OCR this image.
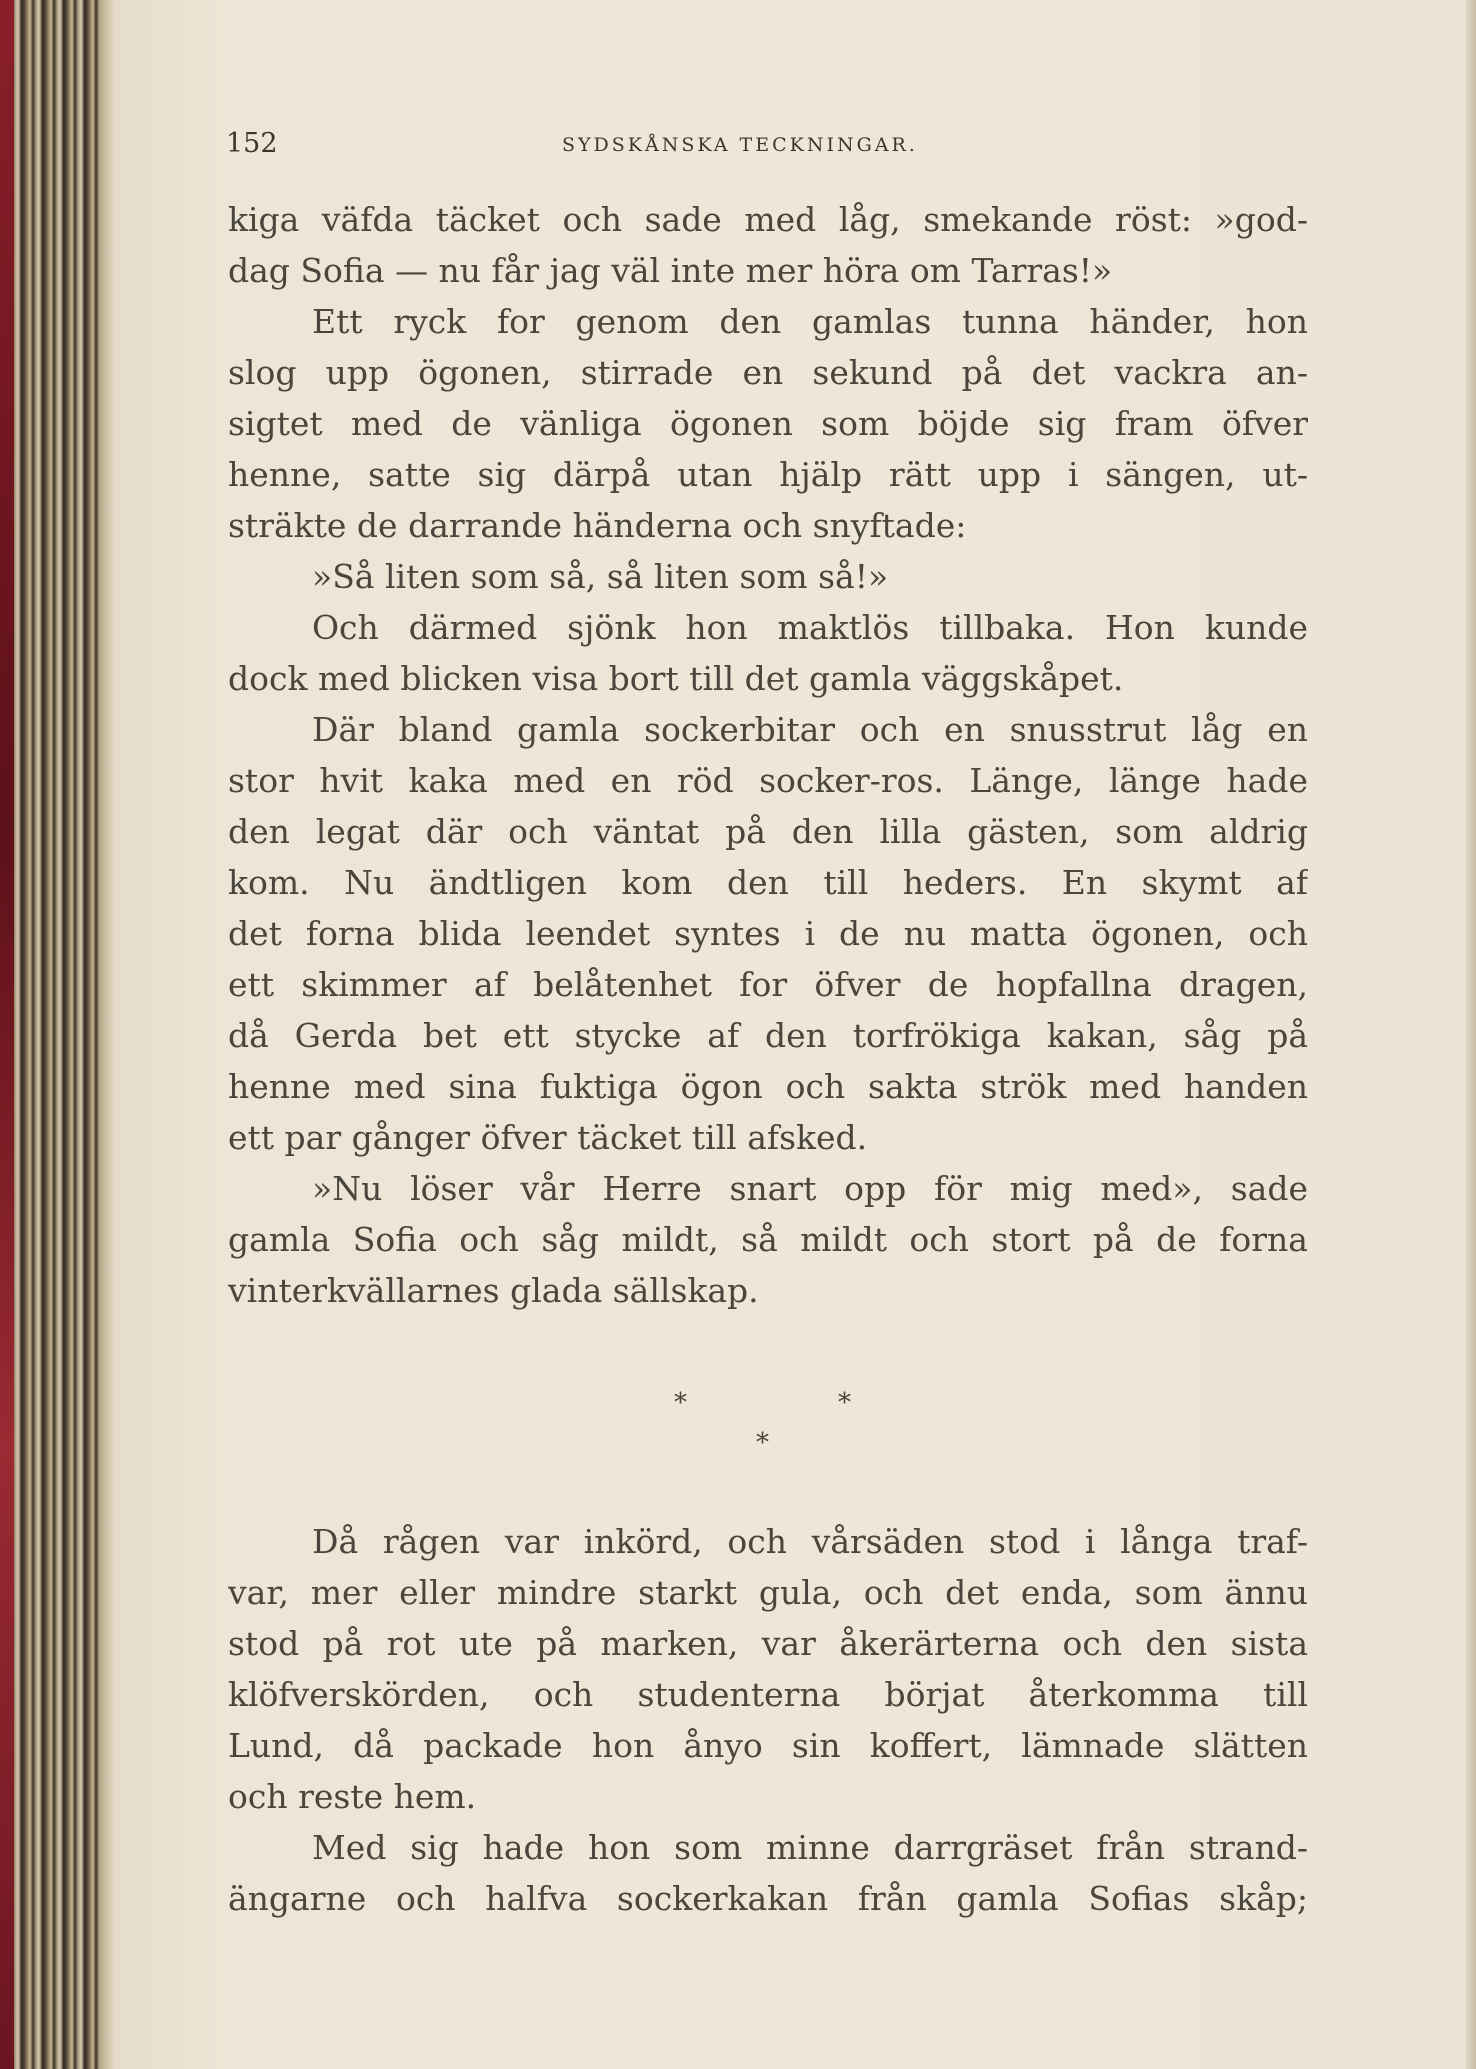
152	SYDSKÅNSKA TECKNINGAR.
kiga väfda täcket och sade med låg, smekande röst: »god-
dag Sofia — nu får jag väl inte mer höra om Tarras!»
Ett ryck for genom den gamlas tunna händer, hon
slog upp ögonen, stirrade en sekund på det vackra an-
sigtet med de vänliga ögonen som böjde sig fram öfver
henne, satte sig därpå utan hjälp rätt upp i sängen, ut-
sträkte de darrande händerna och snyftade:
»Så liten som så, så liten som så!»
Och därmed sjönk hon maktlös tillbaka. Hon kunde
dock med blicken visa bort till det gamla väggskåpet.
Där bland gamla sockerbitar och en snusstrut låg en
stor hvit kaka med en röd socker-ros. Länge, länge hade
den legat där och väntat på den lilla gästen, som aldrig
kom. Nu ändtligen kom den till heders. En skymt af
det forna blida leendet syntes i de nu matta ögonen, och
ett skimmer af belåtenhet for öfver de hopfallna dragen,
då Gerda bet ett stycke af den torfrökiga kakan, såg på
henne med sina fuktiga ögon och sakta strök med handen
ett par gånger öfver täcket till afsked.
»Nu löser vår Herre snart opp för mig med», sade
gamla Sofia och såg mildt, så mildt och stort på de forna
vinterkvällarnes glada sällskap.
*	*
*
Då rågen var inkörd, och vårsäden stod i långa traf-
var, mer eller mindre starkt gula, och det enda, som ännu
stod på rot ute på marken, var åkerärterna och den sista
klöfverskörden, och studenterna börjat återkomma till
Lund, då packade hon ånyo sin koffert, lämnade slätten
och reste hem.
Med sig hade hon som minne darrgräset från strand-
ängarne och halfva sockerkakan från gamla Sofias skåp;
